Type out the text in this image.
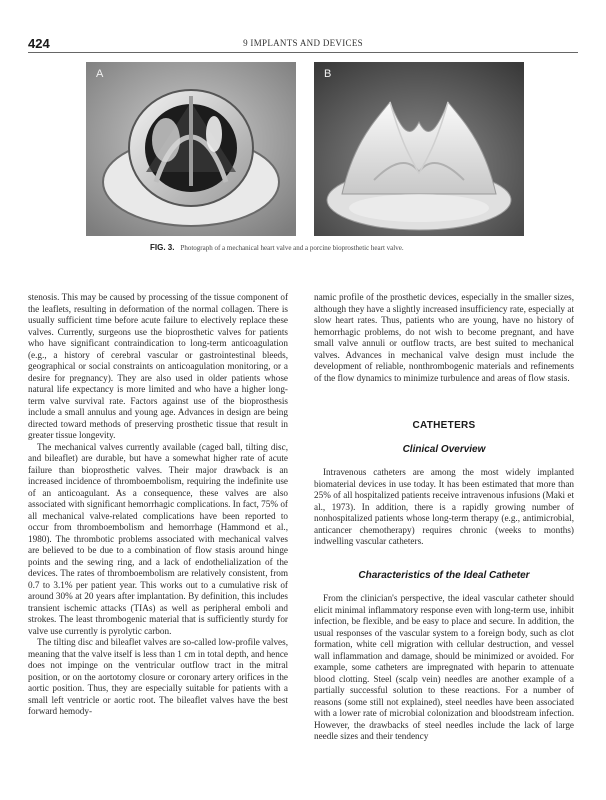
424	9 IMPLANTS AND DEVICES
A	B
FIG. 3. Photograph of a mechanical heart valve and a porcine bioprosthetic heart valve.

stenosis. This may be caused by processing of the tissue component of the leaflets, resulting in deformation of the normal collagen. There is usually sufficient time before acute failure to electively replace these valves. Currently, surgeons use the bioprosthetic valves for patients who have significant contraindication to long-term anticoagulation (e.g., a history of cerebral vascular or gastrointestinal bleeds, geographical or social constraints on anticoagulation monitoring, or a desire for pregnancy). They are also used in older patients whose natural life expectancy is more limited and who have a higher long-term valve survival rate. Factors against use of the bioprosthesis include a small annulus and young age. Advances in design are being directed toward methods of preserving prosthetic tissue that result in greater tissue longevity.

The mechanical valves currently available (caged ball, tilting disc, and bileaflet) are durable, but have a somewhat higher rate of acute failure than bioprosthetic valves. Their major drawback is an increased incidence of thromboembolism, requiring the indefinite use of an anticoagulant. As a consequence, these valves are also associated with significant hemorrhagic complications. In fact, 75% of all mechanical valve-related complications have been reported to occur from thromboembolism and hemorrhage (Hammond et al., 1980). The thrombotic problems associated with mechanical valves are believed to be due to a combination of flow stasis around hinge points and the sewing ring, and a lack of endothelialization of the devices. The rates of thromboembolism are relatively consistent, from 0.7 to 3.1% per patient year. This works out to a cumulative risk of around 30% at 20 years after implantation. By definition, this includes transient ischemic attacks (TIAs) as well as peripheral emboli and strokes. The least thrombogenic material that is sufficiently sturdy for valve use currently is pyrolytic carbon.

The tilting disc and bileaflet valves are so-called low-profile valves, meaning that the valve itself is less than 1 cm in total depth, and hence does not impinge on the ventricular outflow tract in the mitral position, or on the aortotomy closure or coronary artery orifices in the aortic position. Thus, they are especially suitable for patients with a small left ventricle or aortic root. The bileaflet valves have the best forward hemody-

namic profile of the prosthetic devices, especially in the smaller sizes, although they have a slightly increased insufficiency rate, especially at slow heart rates. Thus, patients who are young, have no history of hemorrhagic problems, do not wish to become pregnant, and have small valve annuli or outflow tracts, are best suited to mechanical valves. Advances in mechanical valve design must include the development of reliable, nonthrombogenic materials and refinements of the flow dynamics to minimize turbulence and areas of flow stasis.

CATHETERS
Clinical Overview

Intravenous catheters are among the most widely implanted biomaterial devices in use today. It has been estimated that more than 25% of all hospitalized patients receive intravenous infusions (Maki et al., 1973). In addition, there is a rapidly growing number of nonhospitalized patients whose long-term therapy (e.g., antimicrobial, anticancer chemotherapy) requires chronic (weeks to months) indwelling vascular catheters.

Characteristics of the Ideal Catheter

From the clinician's perspective, the ideal vascular catheter should elicit minimal inflammatory response even with long-term use, inhibit infection, be flexible, and be easy to place and secure. In addition, the usual responses of the vascular system to a foreign body, such as clot formation, white cell migration with cellular destruction, and vessel wall inflammation and damage, should be minimized or avoided. For example, some catheters are impregnated with heparin to attenuate blood clotting. Steel (scalp vein) needles are another example of a partially successful solution to these reactions. For a number of reasons (some still not explained), steel needles have been associated with a lower rate of microbial colonization and bloodstream infection. However, the drawbacks of steel needles include the lack of large needle sizes and their tendency
